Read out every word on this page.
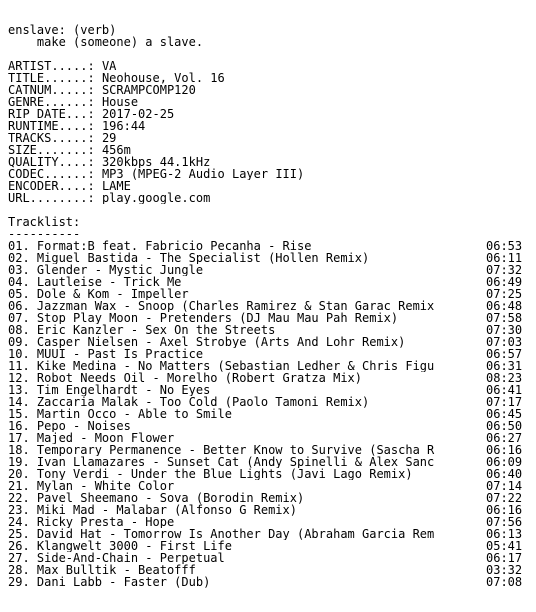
enslave: (verb)
make (someone) a slave.
ARTIST.....: VA
TITLE......: Neohouse, Vol. 16
CATNUM.....: SCRAMPCOMP120
GENRE......: House
RIP DATE...: 2017-02-25
RUNTIME....: 196:44
TRACKS.....: 29
SIZE.......: 456m
QUALITY....: 320kbps 44.1kHz
CODEC......: MP3 (MPEG-2 Audio Layer III)
ENCODER....: LAME
URL........: play.google.com
Tracklist:
----------
01. Format:B feat. Fabricio Pecanha - Rise	06:53
02. Miguel Bastida - The Specialist (Hollen Remix)	06:11
03. Glender - Mystic Jungle	07:32
04. Lautleise - Trick Me	06:49
05. Dole & Kom - Impeller	07:25
06. Jazzman Wax - Snoop (Charles Ramirez & Stan Garac Remix	06:48
07. Stop Play Moon - Pretenders (DJ Mau Mau Pah Remix)	07:58
08. Eric Kanzler - Sex On the Streets	07:30
09. Casper Nielsen - Axel Strobye (Arts And Lohr Remix)	07:03
10. MUUI - Past Is Practice	06:57
11. Kike Medina - No Matters (Sebastian Ledher & Chris Figu	06:31
12. Robot Needs Oil - Morelho (Robert Gratza Mix)	08:23
13. Tim Engelhardt - No Eyes	06:41
14. Zaccaria Malak - Too Cold (Paolo Tamoni Remix)	07:17
15. Martin Occo - Able to Smile	06:45
16. Pepo - Noises	06:50
17. Majed - Moon Flower	06:27
18. Temporary Permanence - Better Know to Survive (Sascha R	06:16
19. Ivan Llamazares - Sunset Cat (Andy Spinelli & Alex Sanc	06:09
20. Tony Verdi - Under the Blue Lights (Javi Lago Remix)	06:40
21. Mylan - White Color	07:14
22. Pavel Sheemano - Sova (Borodin Remix)	07:22
23. Miki Mad - Malabar (Alfonso G Remix)	06:16
24. Ricky Presta - Hope	07:56
25. David Hat - Tomorrow Is Another Day (Abraham Garcia Rem	06:13
26. Klangwelt 3000 - First Life	05:41
27. Side-And-Chain - Perpetual	06:17
28. Max Bulltik - Beatofff	03:32
29. Dani Labb - Faster (Dub)	07:08
